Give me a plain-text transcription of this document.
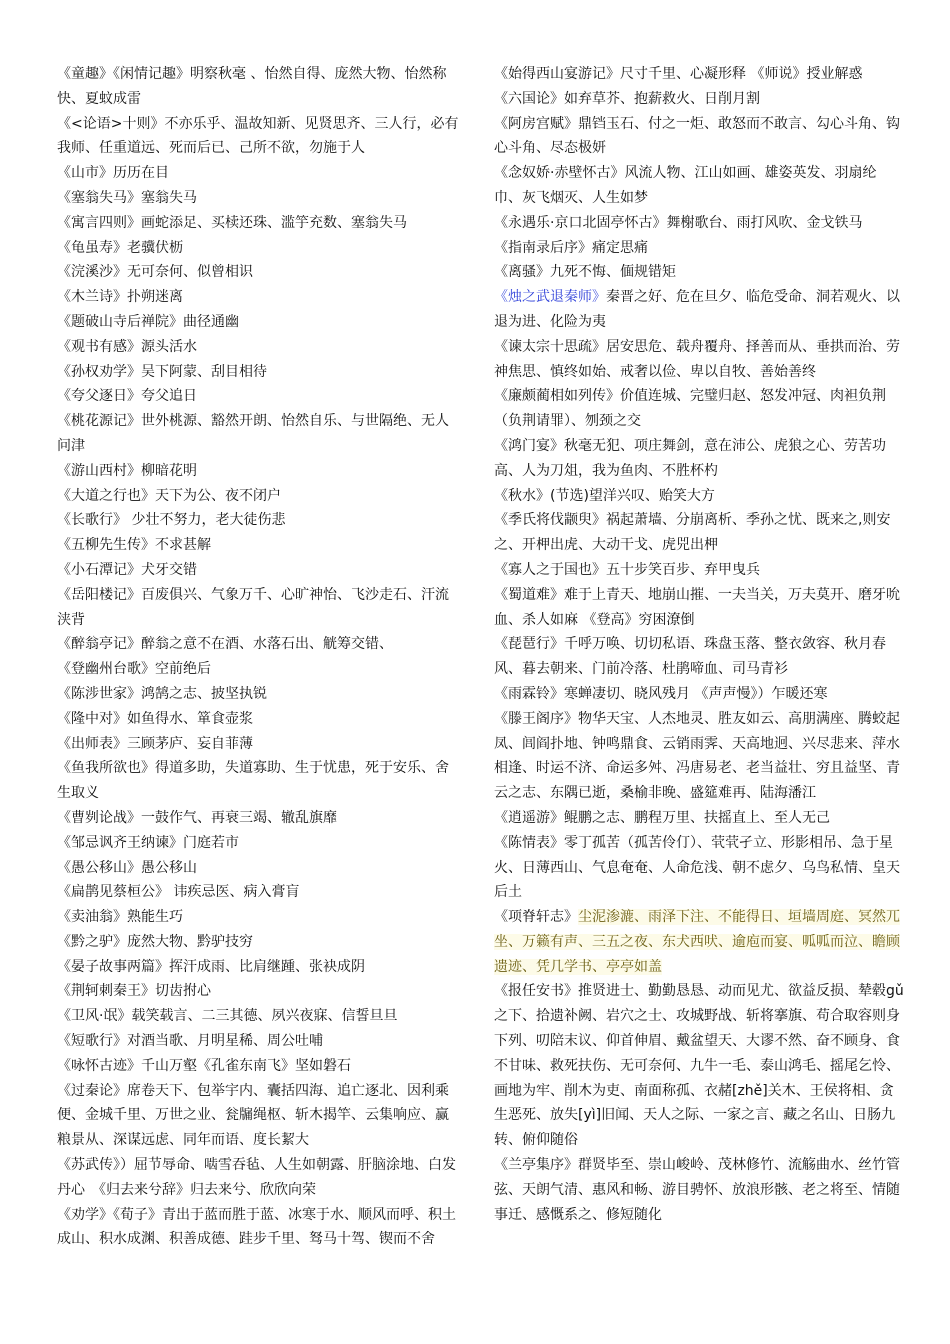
《童趣》《闲情记趣》明察秋毫 、怡然自得、庞然大物、怡然称快、夏蚊成雷
《<论语>十则》不亦乐乎、温故知新、见贤思齐、三人行，必有我师、任重道远、死而后已、己所不欲，勿施于人
《山市》历历在目
《塞翁失马》塞翁失马
《寓言四则》画蛇添足、买椟还珠、滥竽充数、塞翁失马
《龟虽寿》老骥伏枥
《浣溪沙》无可奈何、似曾相识
《木兰诗》扑朔迷离
《题破山寺后禅院》曲径通幽
《观书有感》源头活水
《孙权劝学》吴下阿蒙、刮目相待
《夸父逐日》夸父追日
《桃花源记》世外桃源、豁然开朗、怡然自乐、与世隔绝、无人问津
《游山西村》柳暗花明
《大道之行也》天下为公、夜不闭户
《长歌行》 少壮不努力，老大徒伤悲
《五柳先生传》不求甚解
《小石潭记》犬牙交错
《岳阳楼记》百废俱兴、气象万千、心旷神怡、飞沙走石、汗流浃背
《醉翁亭记》醉翁之意不在酒、水落石出、觥筹交错、
《登幽州台歌》空前绝后
《陈涉世家》鸿鹄之志、披坚执锐
《隆中对》如鱼得水、箪食壶浆
《出师表》三顾茅庐、妄自菲薄
《鱼我所欲也》得道多助，失道寡助、生于忧患，死于安乐、舍生取义
《曹刿论战》一鼓作气、再衰三竭、辙乱旗靡
《邹忌讽齐王纳谏》门庭若市
《愚公移山》愚公移山
《扁鹊见蔡桓公》 讳疾忌医、病入膏肓
《卖油翁》熟能生巧
《黔之驴》庞然大物、黔驴技穷
《晏子故事两篇》挥汗成雨、比肩继踵、张袂成阴
《荆轲刺秦王》切齿拊心
《卫风·氓》载笑载言、二三其德、夙兴夜寐、信誓旦旦
《短歌行》对酒当歌、月明星稀、周公吐哺
《咏怀古迹》千山万壑《孔雀东南飞》坚如磐石
《过秦论》席卷天下、包举宇内、囊括四海、追亡逐北、因利乘便、金城千里、万世之业、瓮牖绳枢、斩木揭竿、云集响应、赢粮景从、深谋远虑、同年而语、度长絜大
《苏武传》）屈节辱命、啮雪吞毡、人生如朝露、肝脑涂地、白发丹心　《归去来兮辞》归去来兮、欣欣向荣
《劝学》《荀子》青出于蓝而胜于蓝、冰寒于水、顺风而呼、积土成山、积水成渊、积善成德、跬步千里、驽马十驾、锲而不舍
《始得西山宴游记》尺寸千里、心凝形释 《师说》授业解惑
《六国论》如弃草芥、抱薪救火、日削月割
《阿房宫赋》鼎铛玉石、付之一炬、敢怒而不敢言、勾心斗角、钩心斗角、尽态极妍
《念奴娇·赤壁怀古》风流人物、江山如画、雄姿英发、羽扇纶巾、灰飞烟灭、人生如梦
《永遇乐·京口北固亭怀古》舞榭歌台、雨打风吹、金戈铁马
《指南录后序》痛定思痛
《离骚》九死不悔、偭规错矩
《烛之武退秦师》秦晋之好、危在旦夕、临危受命、洞若观火、以退为进、化险为夷
《谏太宗十思疏》居安思危、载舟覆舟、择善而从、垂拱而治、劳神焦思、慎终如始、戒奢以俭、卑以自牧、善始善终
《廉颇蔺相如列传》价值连城、完璧归赵、怒发冲冠、肉袒负荆（负荆请罪）、刎颈之交
《鸿门宴》秋毫无犯、项庄舞剑，意在沛公、虎狼之心、劳苦功高、人为刀俎，我为鱼肉、不胜杯杓
《秋水》(节选)望洋兴叹、贻笑大方
《季氏将伐颛臾》祸起萧墙、分崩离析、季孙之忧、既来之,则安之、开柙出虎、大动干戈、虎兕出柙
《寡人之于国也》五十步笑百步、弃甲曳兵
《蜀道难》难于上青天、地崩山摧、一夫当关，万夫莫开、磨牙吮血、杀人如麻 《登高》穷困潦倒
《琵琶行》千呼万唤、切切私语、珠盘玉落、整衣敛容、秋月春风、暮去朝来、门前冷落、杜鹃啼血、司马青衫
《雨霖铃》寒蝉凄切、晓风残月 《声声慢》）乍暖还寒
《滕王阁序》物华天宝、人杰地灵、胜友如云、高朋满座、腾蛟起凤、闾阎扑地、钟鸣鼎食、云销雨霁、天高地迥、兴尽悲来、萍水相逢、时运不济、命运多舛、冯唐易老、老当益壮、穷且益坚、青云之志、东隅已逝，桑榆非晚、盛筵难再、陆海潘江
《逍遥游》鲲鹏之志、鹏程万里、扶摇直上、至人无己
《陈情表》零丁孤苦（孤苦伶仃）、茕茕孑立、形影相吊、急于星火、日薄西山、气息奄奄、人命危浅、朝不虑夕、乌鸟私情、皇天后土
《项脊轩志》尘泥渗漉、雨泽下注、不能得日、垣墙周庭、冥然兀坐、万籁有声、三五之夜、东犬西吠、逾庖而宴、呱呱而泣、瞻顾遗迹、凭几学书、亭亭如盖
《报任安书》推贤进士、勤勤恳恳、动而见尤、欲益反损、辇毂gǔ之下、拾遗补阙、岩穴之士、攻城野战、斩将搴旗、苟合取容则身下列、叨陪末议、仰首伸眉、戴盆望天、大谬不然、奋不顾身、食不甘味、救死扶伤、无可奈何、九牛一毛、泰山鸿毛、摇尾乞怜、画地为牢、削木为吏、南面称孤、衣赭[zhě]关木、王侯将相、贪生恶死、放失[yì]旧闻、天人之际、一家之言、藏之名山、日肠九转、俯仰随俗
《兰亭集序》群贤毕至、崇山峻岭、茂林修竹、流觞曲水、丝竹管弦、天朗气清、惠风和畅、游目骋怀、放浪形骸、老之将至、情随事迁、感慨系之、修短随化
